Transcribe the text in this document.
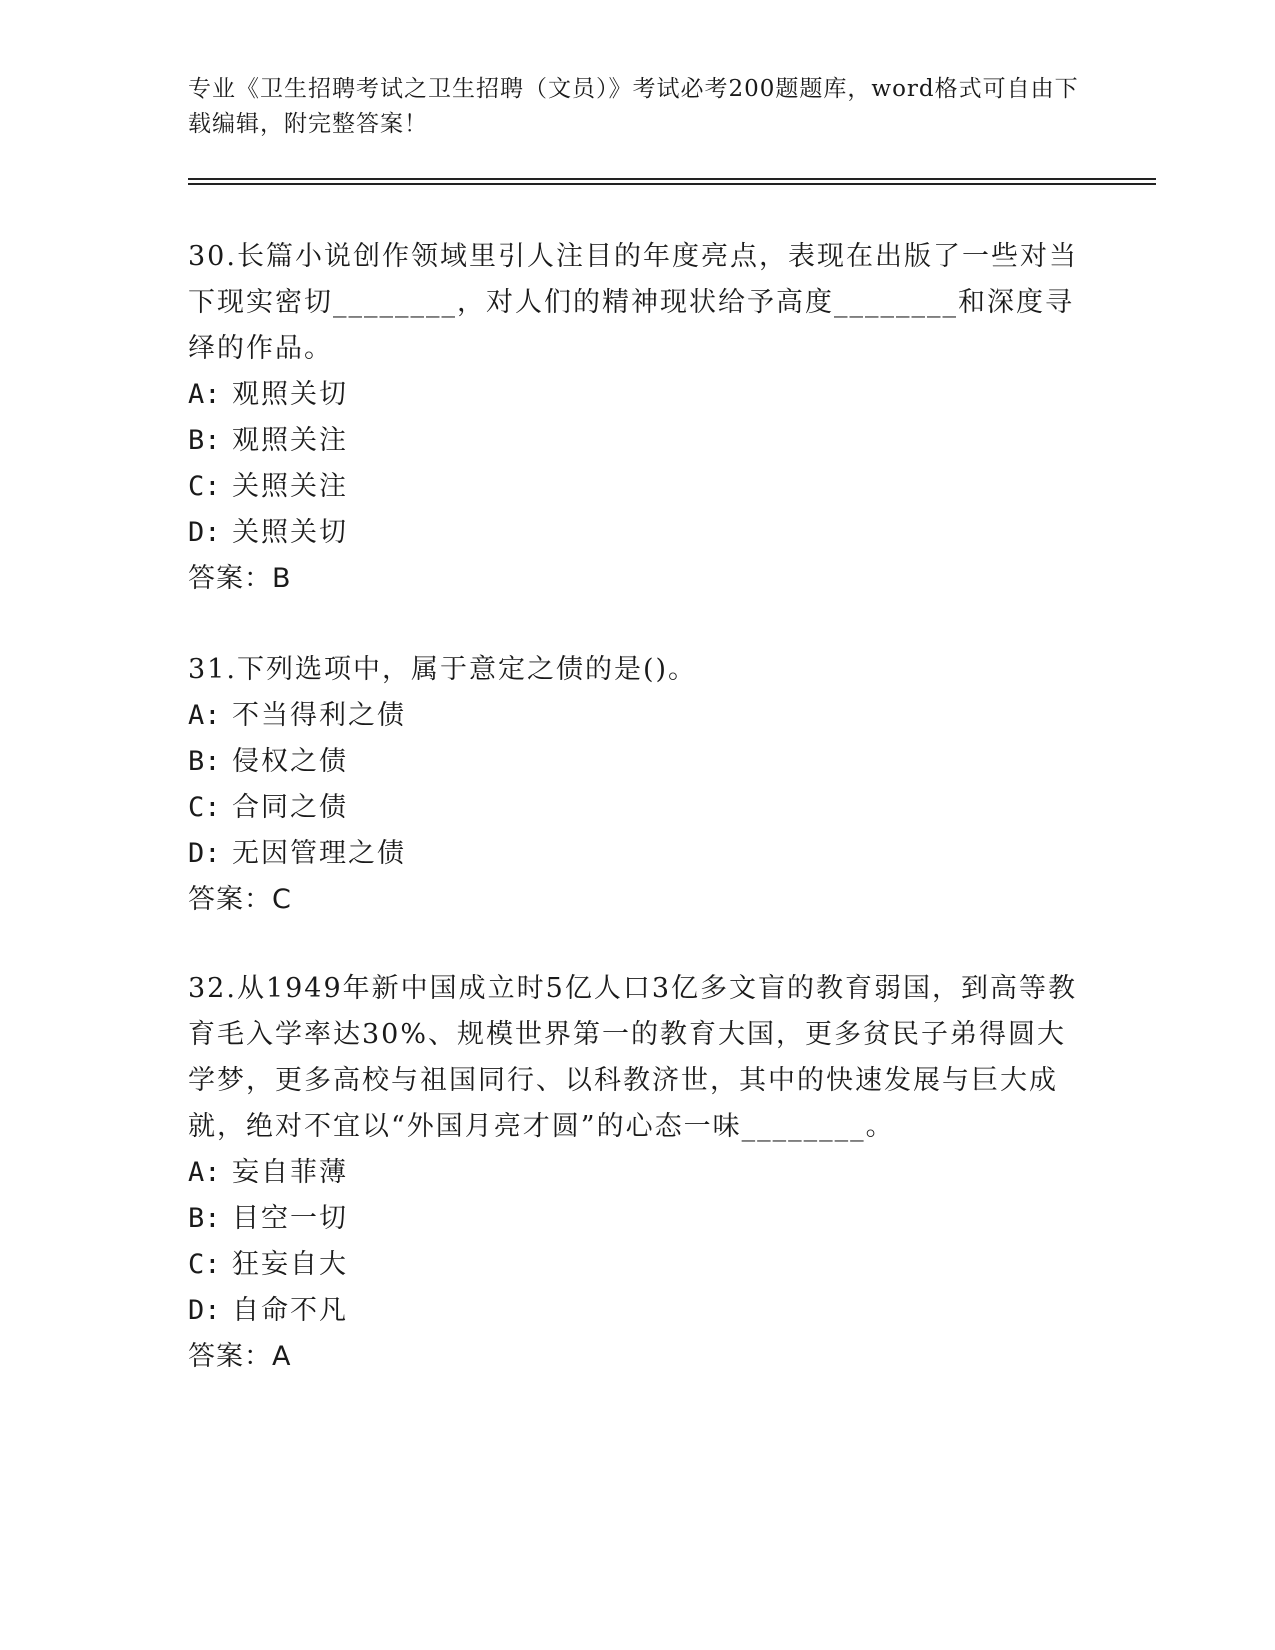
专业《卫生招聘考试之卫生招聘（文员）》考试必考200题题库，word格式可自由下载编辑，附完整答案！

30.长篇小说创作领域里引人注目的年度亮点，表现在出版了一些对当下现实密切________，对人们的精神现状给予高度________和深度寻绎的作品。

A: 观照关切

B: 观照关注

C: 关照关注

D: 关照关切

答案：B

31.下列选项中，属于意定之债的是()。

A: 不当得利之债

B: 侵权之债

C: 合同之债

D: 无因管理之债

答案：C

32.从1949年新中国成立时5亿人口3亿多文盲的教育弱国，到高等教育毛入学率达30%、规模世界第一的教育大国，更多贫民子弟得圆大学梦，更多高校与祖国同行、以科教济世，其中的快速发展与巨大成就，绝对不宜以“外国月亮才圆”的心态一味________。

A: 妄自菲薄

B: 目空一切

C: 狂妄自大

D: 自命不凡

答案：A
